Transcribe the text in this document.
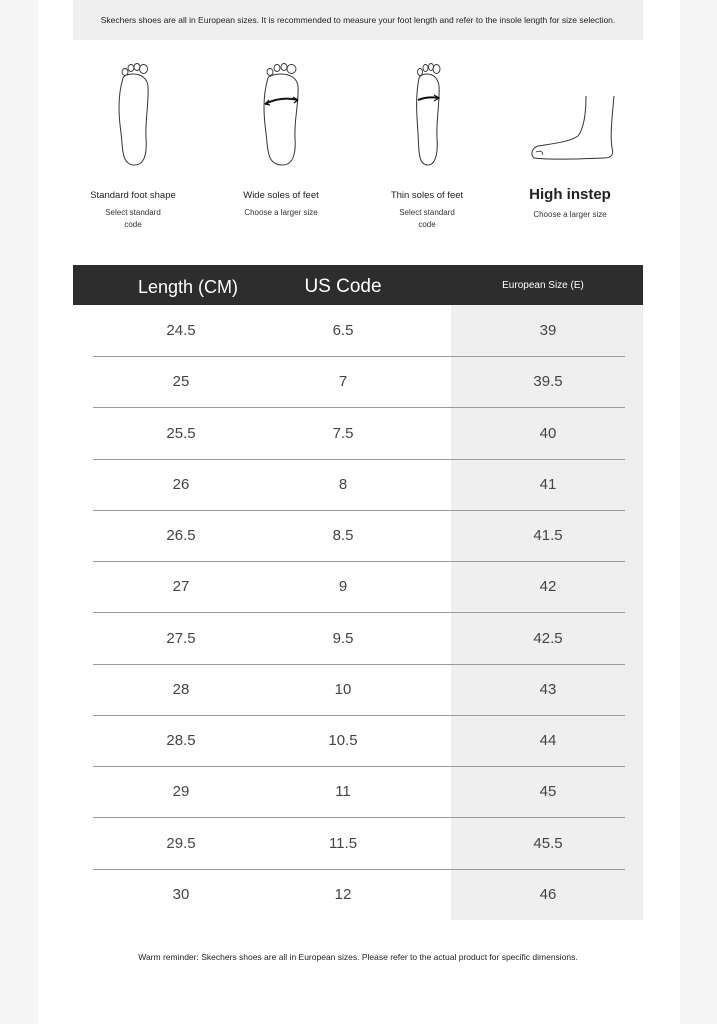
Skechers shoes are all in European sizes. It is recommended to measure your foot length and refer to the insole length for size selection.
Standard foot shape
Select standard
code
Wide soles of feet
Choose a larger size
Thin soles of feet
Select standard
code
High instep
Choose a larger size
Length (CM)	US Code	European Size (E)
24.5	6.5	39
25	7	39.5
25.5	7.5	40
26	8	41
26.5	8.5	41.5
27	9	42
27.5	9.5	42.5
28	10	43
28.5	10.5	44
29	11	45
29.5	11.5	45.5
30	12	46
Warm reminder: Skechers shoes are all in European sizes. Please refer to the actual product for specific dimensions.
